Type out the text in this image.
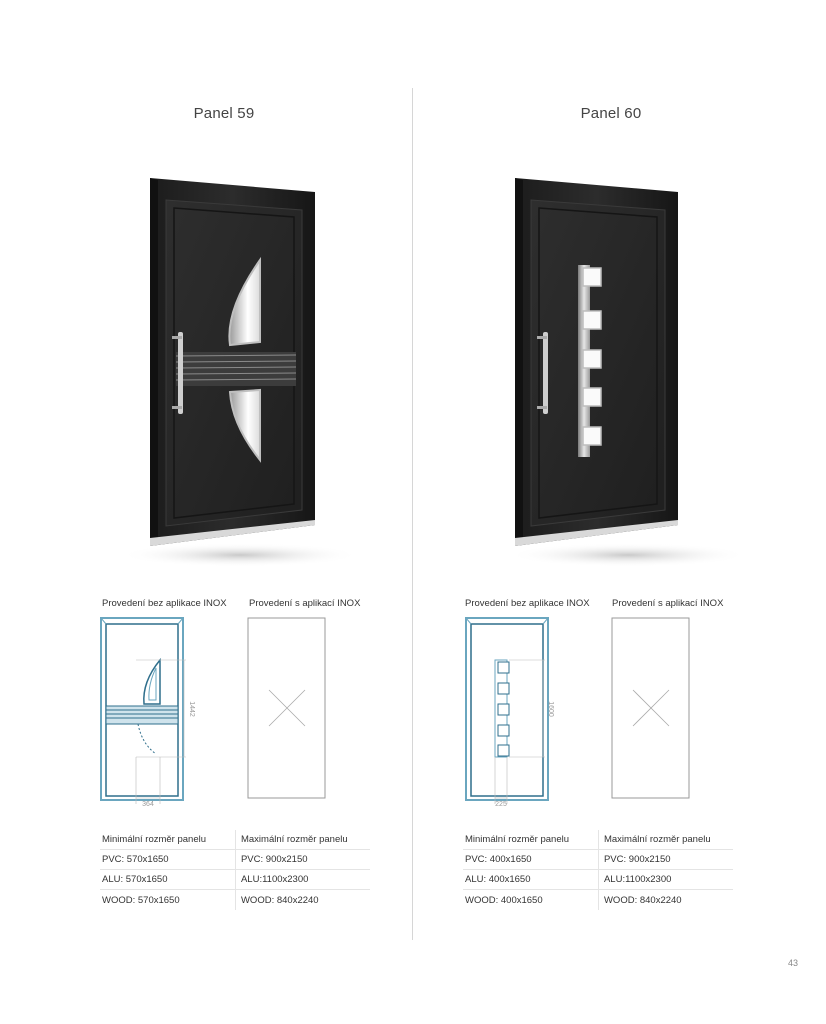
Panel 59
Provedení bez aplikace INOX Provedení s aplikací INOX
1442
364
Minimální rozměr panelu	Maximální rozměr panelu
PVC: 570x1650	PVC: 900x2150
ALU: 570x1650	ALU:1100x2300
WOOD: 570x1650	WOOD: 840x2240
Panel 60
Provedení bez aplikace INOX Provedení s aplikací INOX
1600
225
Minimální rozměr panelu	Maximální rozměr panelu
PVC: 400x1650	PVC: 900x2150
ALU: 400x1650	ALU:1100x2300
WOOD: 400x1650	WOOD: 840x2240
43
